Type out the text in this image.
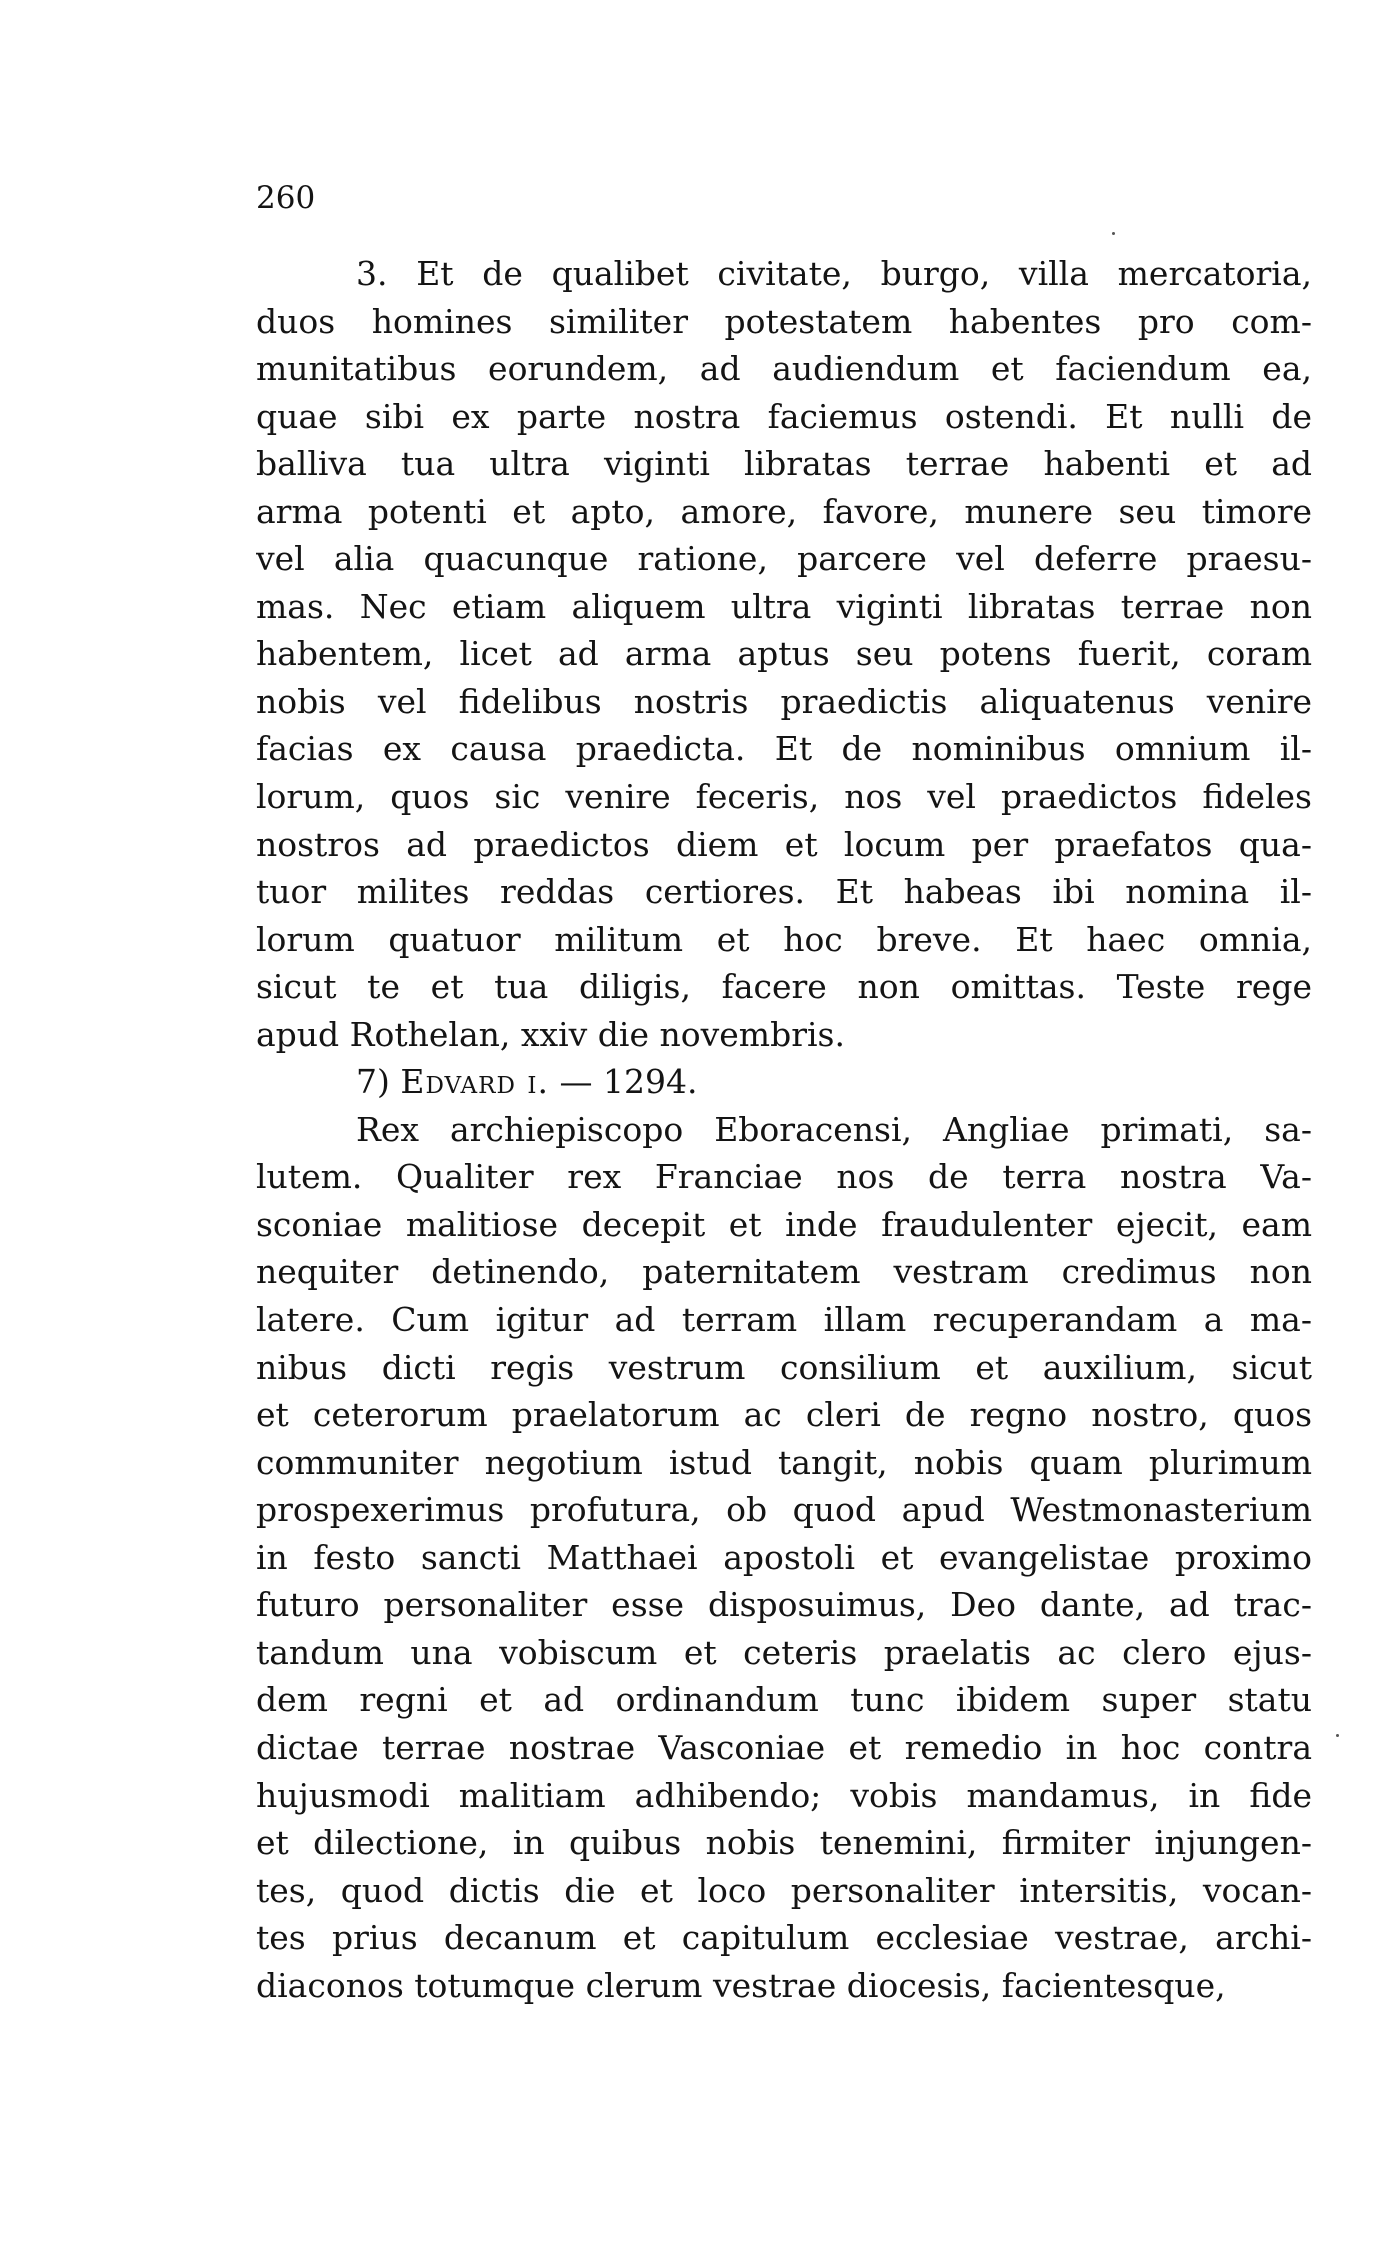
260
3. Et de qualibet civitate, burgo, villa mercatoria,
duos homines similiter potestatem habentes pro com-
munitatibus eorundem, ad audiendum et faciendum ea,
quae sibi ex parte nostra faciemus ostendi. Et nulli de
balliva tua ultra viginti libratas terrae habenti et ad
arma potenti et apto, amore, favore, munere seu timore
vel alia quacunque ratione, parcere vel deferre praesu-
mas. Nec etiam aliquem ultra viginti libratas terrae non
habentem, licet ad arma aptus seu potens fuerit, coram
nobis vel fidelibus nostris praedictis aliquatenus venire
facias ex causa praedicta. Et de nominibus omnium il-
lorum, quos sic venire feceris, nos vel praedictos fideles
nostros ad praedictos diem et locum per praefatos qua-
tuor milites reddas certiores. Et habeas ibi nomina il-
lorum quatuor militum et hoc breve. Et haec omnia,
sicut te et tua diligis, facere non omittas. Teste rege
apud Rothelan, xxiv die novembris.
7) Edvard i. — 1294.
Rex archiepiscopo Eboracensi, Angliae primati, sa-
lutem. Qualiter rex Franciae nos de terra nostra Va-
sconiae malitiose decepit et inde fraudulenter ejecit, eam
nequiter detinendo, paternitatem vestram credimus non
latere. Cum igitur ad terram illam recuperandam a ma-
nibus dicti regis vestrum consilium et auxilium, sicut
et ceterorum praelatorum ac cleri de regno nostro, quos
communiter negotium istud tangit, nobis quam plurimum
prospexerimus profutura, ob quod apud Westmonasterium
in festo sancti Matthaei apostoli et evangelistae proximo
futuro personaliter esse disposuimus, Deo dante, ad trac-
tandum una vobiscum et ceteris praelatis ac clero ejus-
dem regni et ad ordinandum tunc ibidem super statu
dictae terrae nostrae Vasconiae et remedio in hoc contra
hujusmodi malitiam adhibendo; vobis mandamus, in fide
et dilectione, in quibus nobis tenemini, firmiter injungen-
tes, quod dictis die et loco personaliter intersitis, vocan-
tes prius decanum et capitulum ecclesiae vestrae, archi-
diaconos totumque clerum vestrae diocesis, facientesque,
